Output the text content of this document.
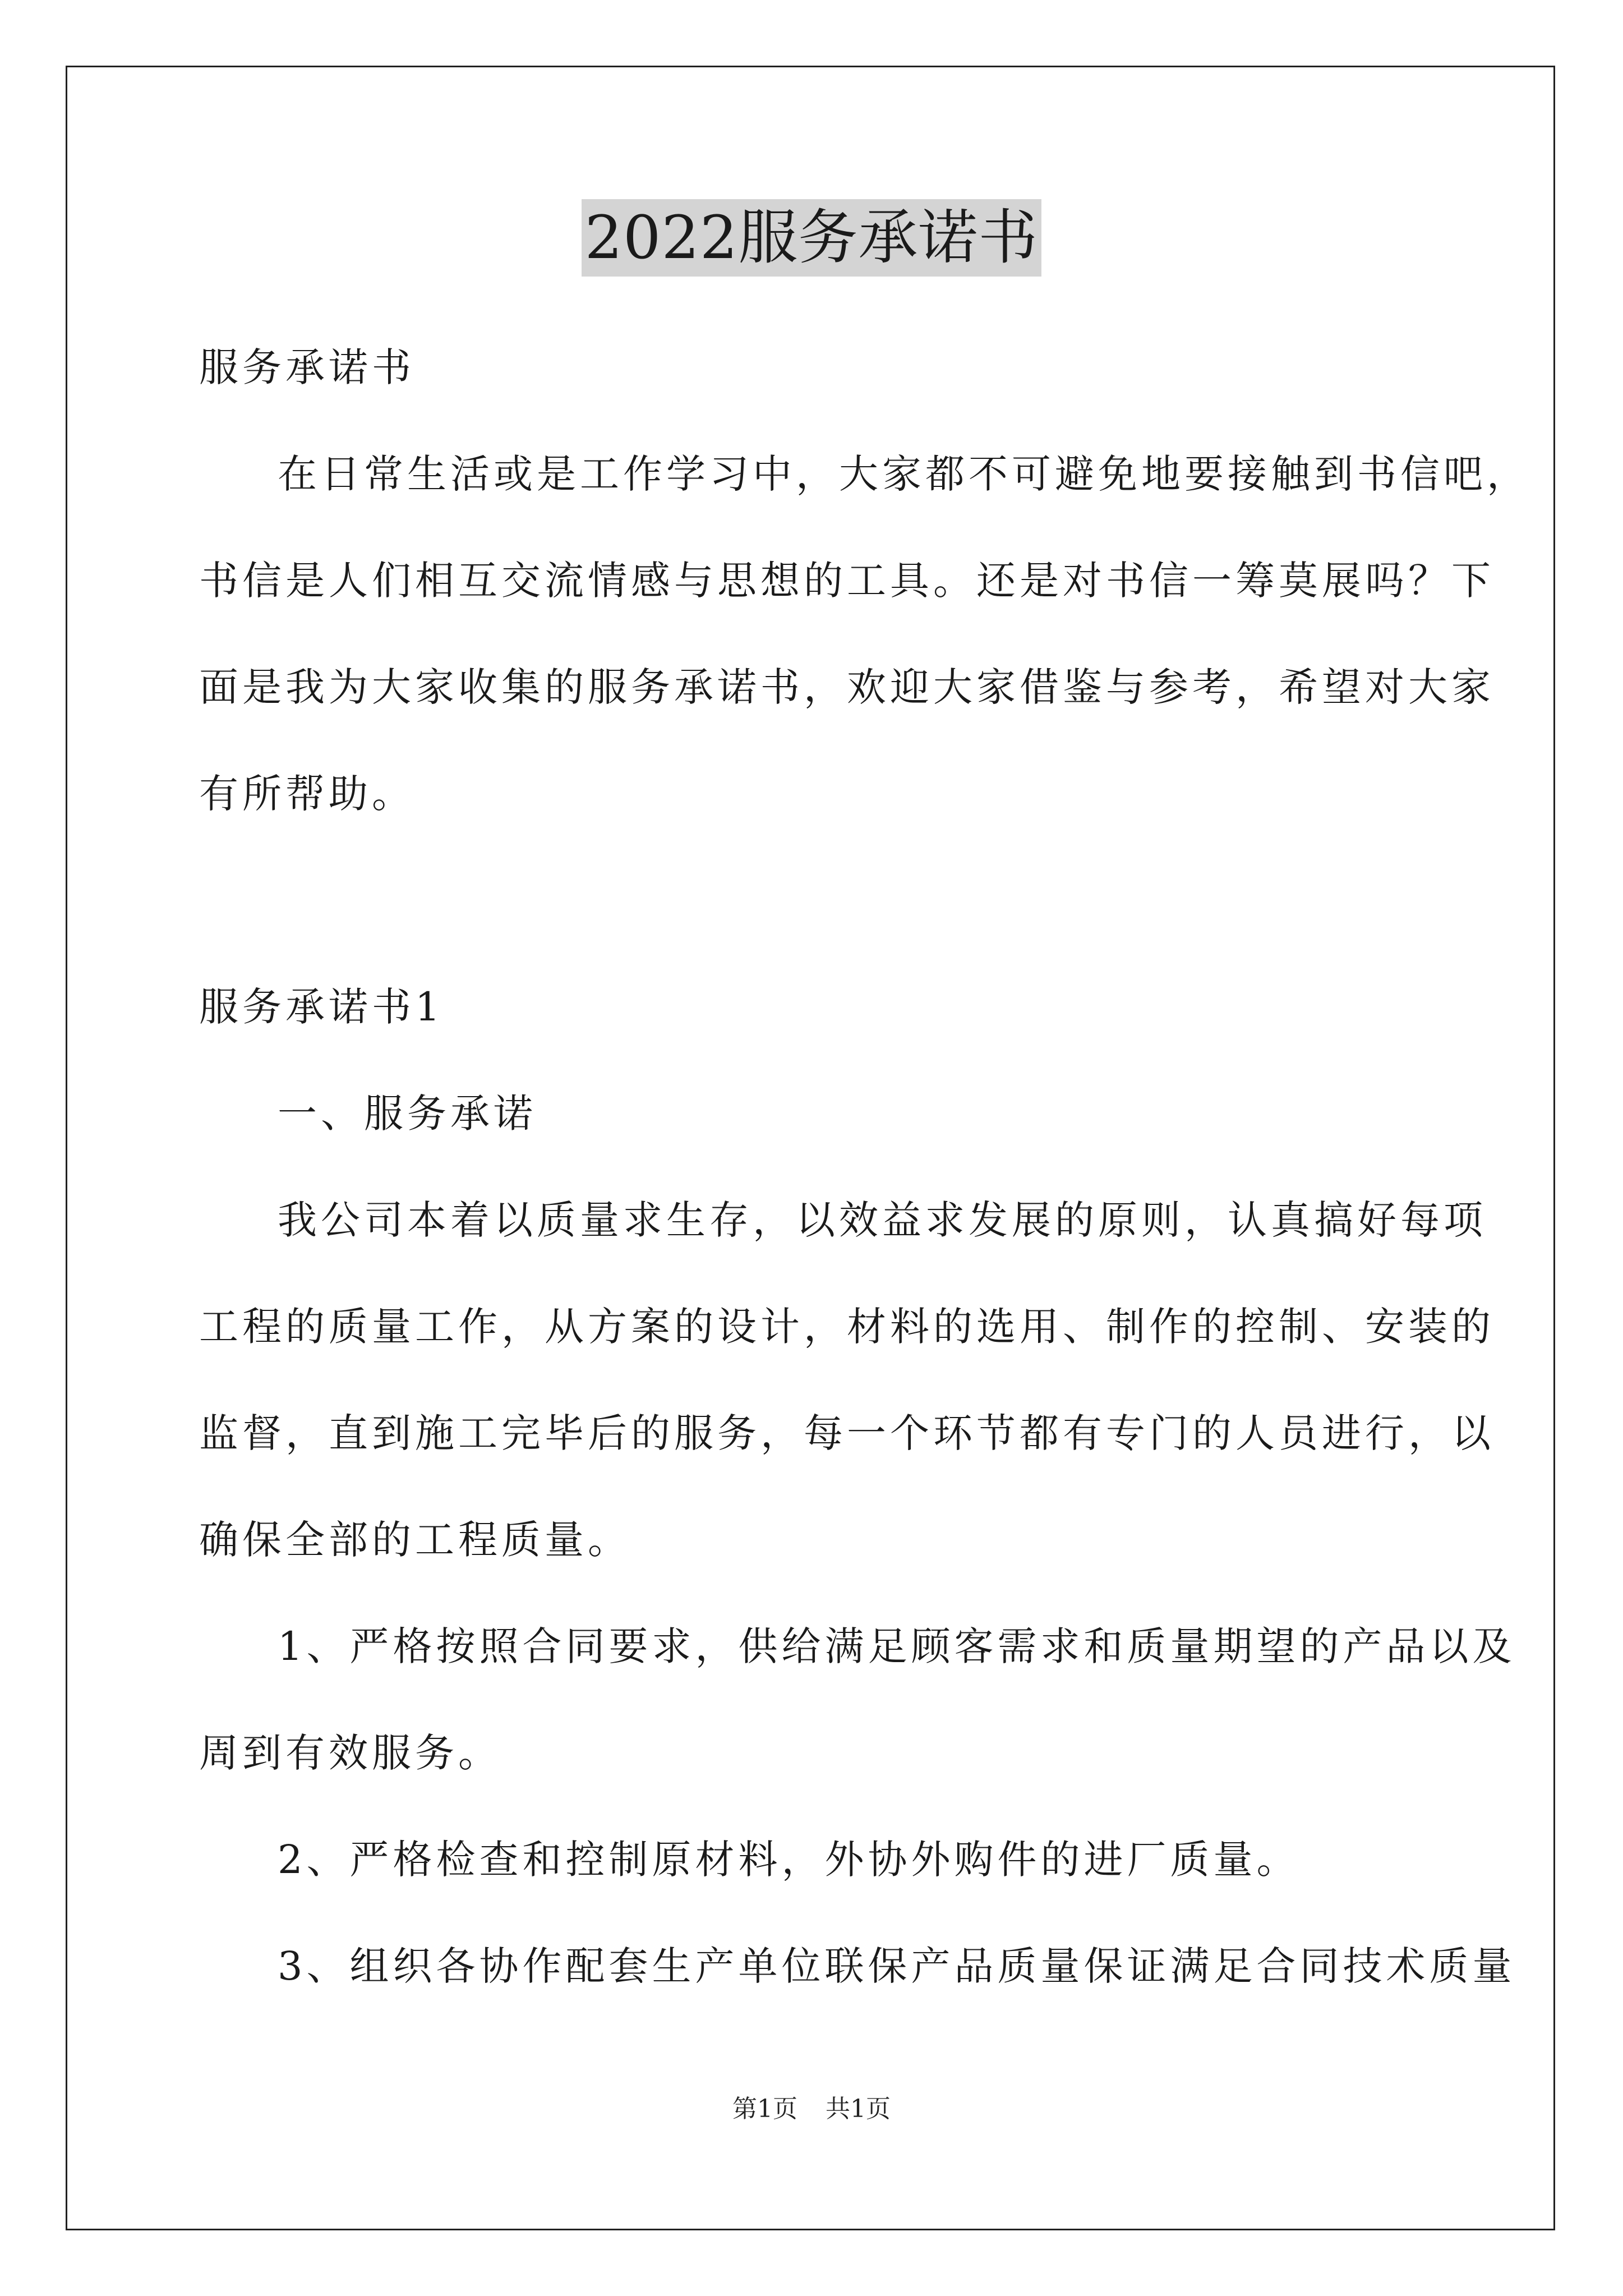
2022服务承诺书

服务承诺书

在日常生活或是工作学习中，大家都不可避免地要接触到书信吧，

书信是人们相互交流情感与思想的工具。还是对书信一筹莫展吗？下

面是我为大家收集的服务承诺书，欢迎大家借鉴与参考，希望对大家

有所帮助。

服务承诺书1

一、服务承诺

我公司本着以质量求生存，以效益求发展的原则，认真搞好每项

工程的质量工作，从方案的设计，材料的选用、制作的控制、安装的

监督，直到施工完毕后的服务，每一个环节都有专门的人员进行，以

确保全部的工程质量。

1、严格按照合同要求，供给满足顾客需求和质量期望的产品以及

周到有效服务。

2、严格检查和控制原材料，外协外购件的进厂质量。

3、组织各协作配套生产单位联保产品质量保证满足合同技术质量

第1页 共1页
